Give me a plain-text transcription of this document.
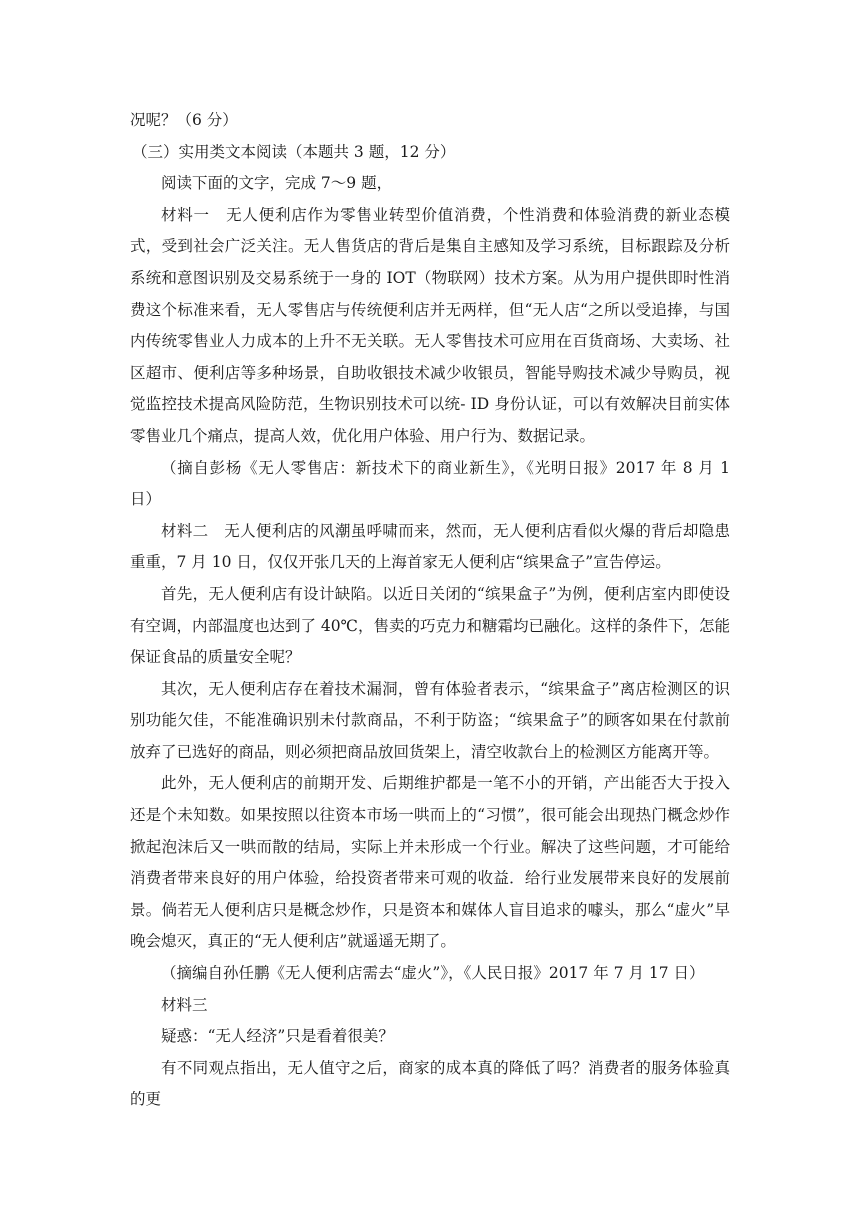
况呢？（6 分）

（三）实用类文本阅读（本题共 3 题，12 分）

阅读下面的文字，完成 7～9 题，

材料一　无人便利店作为零售业转型价值消费，个性消费和体验消费的新业态模式，受到社会广泛关注。无人售货店的背后是集自主感知及学习系统，目标跟踪及分析系统和意图识别及交易系统于一身的 IOT（物联网）技术方案。从为用户提供即时性消费这个标准来看，无人零售店与传统便利店并无两样，但“无人店“之所以受追捧，与国内传统零售业人力成本的上升不无关联。无人零售技术可应用在百货商场、大卖场、社区超市、便利店等多种场景，自助收银技术减少收银员，智能导购技术减少导购员，视觉监控技术提高风险防范，生物识别技术可以统- ID 身份认证，可以有效解决目前实体零售业几个痛点，提高人效，优化用户体验、用户行为、数据记录。

（摘自彭杨《无人零售店：新技术下的商业新生》，《光明日报》2017 年 8 月 1 日）

材料二　无人便利店的风潮虽呼啸而来，然而，无人便利店看似火爆的背后却隐患重重，7 月 10 日，仅仅开张几天的上海首家无人便利店“缤果盒子”宣告停运。

首先，无人便利店有设计缺陷。以近日关闭的“缤果盒子”为例，便利店室内即使设有空调，内部温度也达到了 40℃，售卖的巧克力和糖霜均已融化。这样的条件下，怎能保证食品的质量安全呢？

其次，无人便利店存在着技术漏洞，曾有体验者表示，“缤果盒子”离店检测区的识别功能欠佳，不能准确识别未付款商品，不利于防盗；“缤果盒子”的顾客如果在付款前放弃了已选好的商品，则必须把商品放回货架上，清空收款台上的检测区方能离开等。

此外，无人便利店的前期开发、后期维护都是一笔不小的开销，产出能否大于投入还是个未知数。如果按照以往资本市场一哄而上的“习惯”，很可能会出现热门概念炒作掀起泡沫后又一哄而散的结局，实际上并未形成一个行业。解决了这些问题，才可能给消费者带来良好的用户体验，给投资者带来可观的收益．给行业发展带来良好的发展前景。倘若无人便利店只是概念炒作，只是资本和媒体人盲目追求的噱头，那么“虚火”早晚会熄灭，真正的“无人便利店”就遥遥无期了。

（摘编自孙任鹏《无人便利店需去“虚火”》，《人民日报》2017 年 7 月 17 日）

材料三

疑惑：“无人经济”只是看着很美？

有不同观点指出，无人值守之后，商家的成本真的降低了吗？消费者的服务体验真的更
